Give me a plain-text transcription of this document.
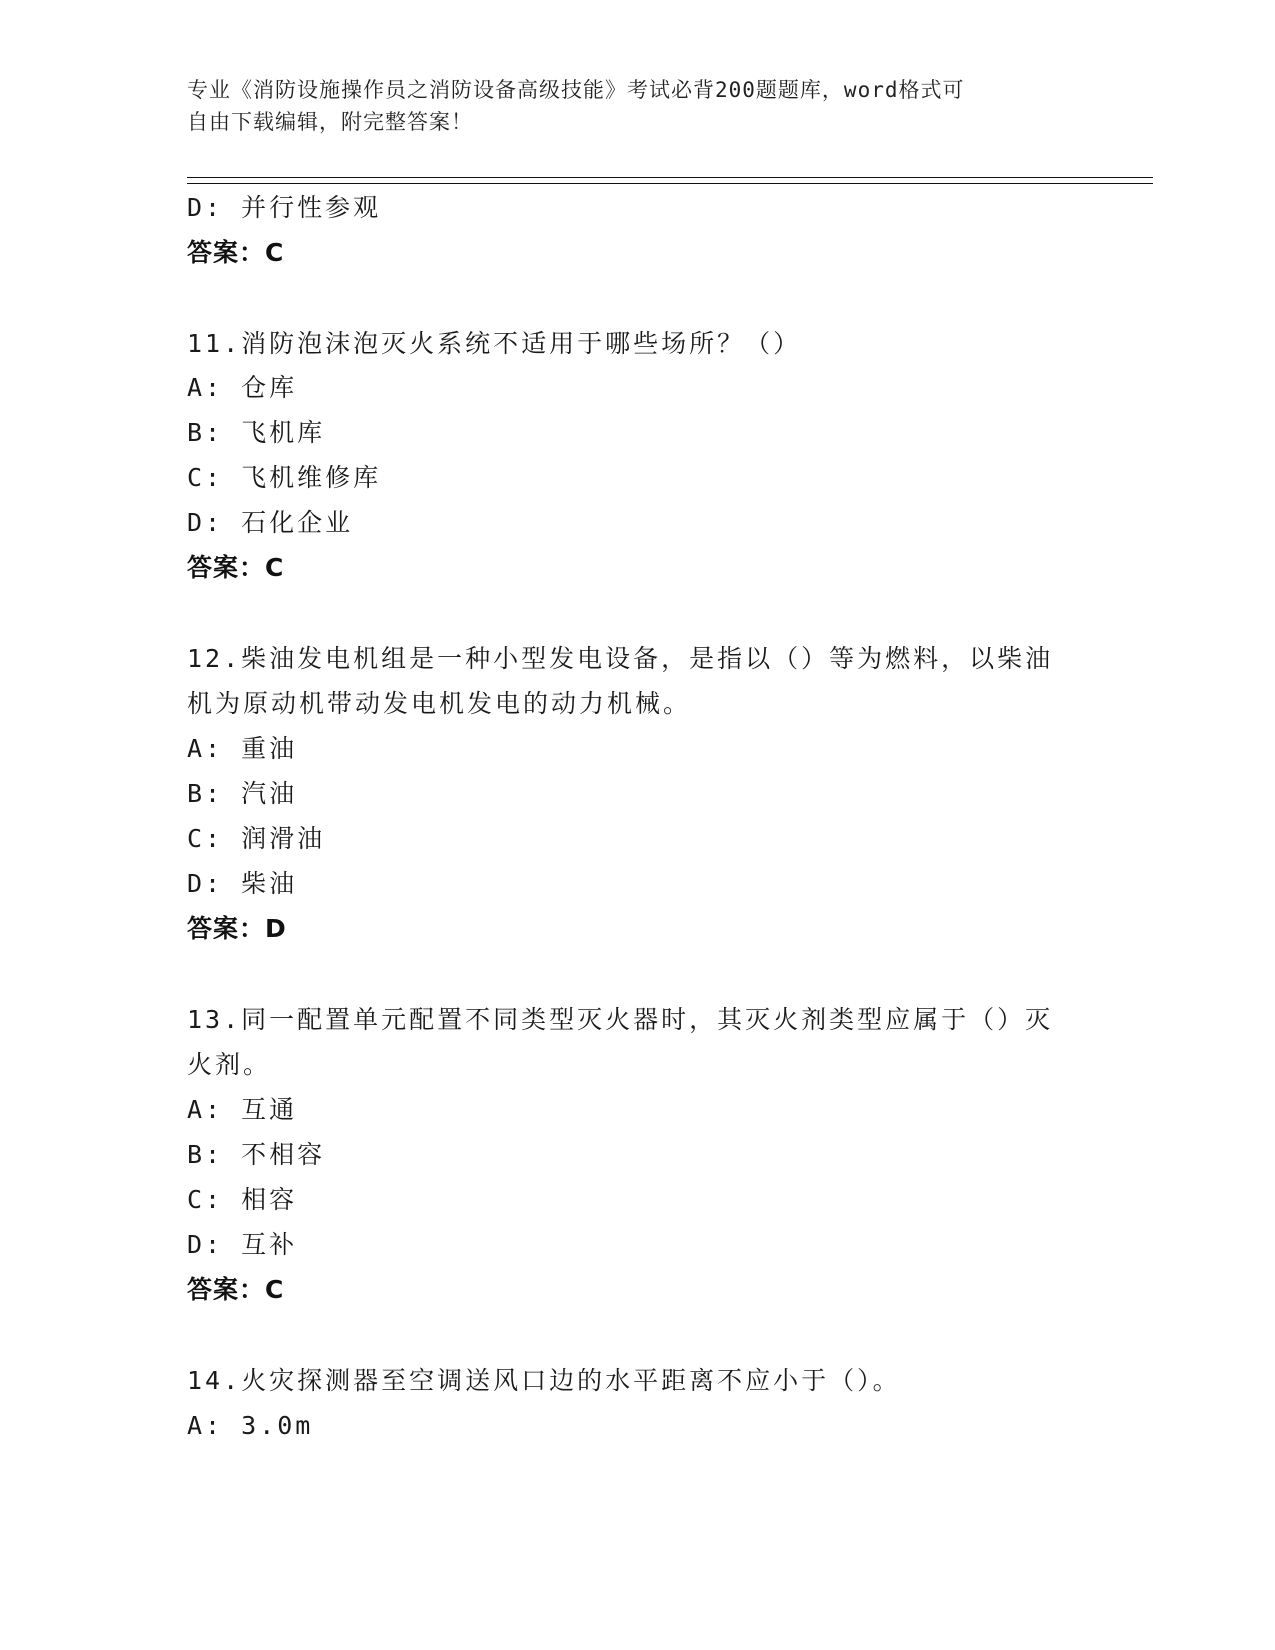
专业《消防设施操作员之消防设备高级技能》考试必背200题题库，word格式可
自由下载编辑，附完整答案！
D: 并行性参观
答案：C
11.消防泡沫泡灭火系统不适用于哪些场所？（）
A: 仓库
B: 飞机库
C: 飞机维修库
D: 石化企业
答案：C
12.柴油发电机组是一种小型发电设备，是指以（）等为燃料，以柴油
机为原动机带动发电机发电的动力机械。
A: 重油
B: 汽油
C: 润滑油
D: 柴油
答案：D
13.同一配置单元配置不同类型灭火器时，其灭火剂类型应属于（）灭
火剂。
A: 互通
B: 不相容
C: 相容
D: 互补
答案：C
14.火灾探测器至空调送风口边的水平距离不应小于（）。
A: 3.0m
